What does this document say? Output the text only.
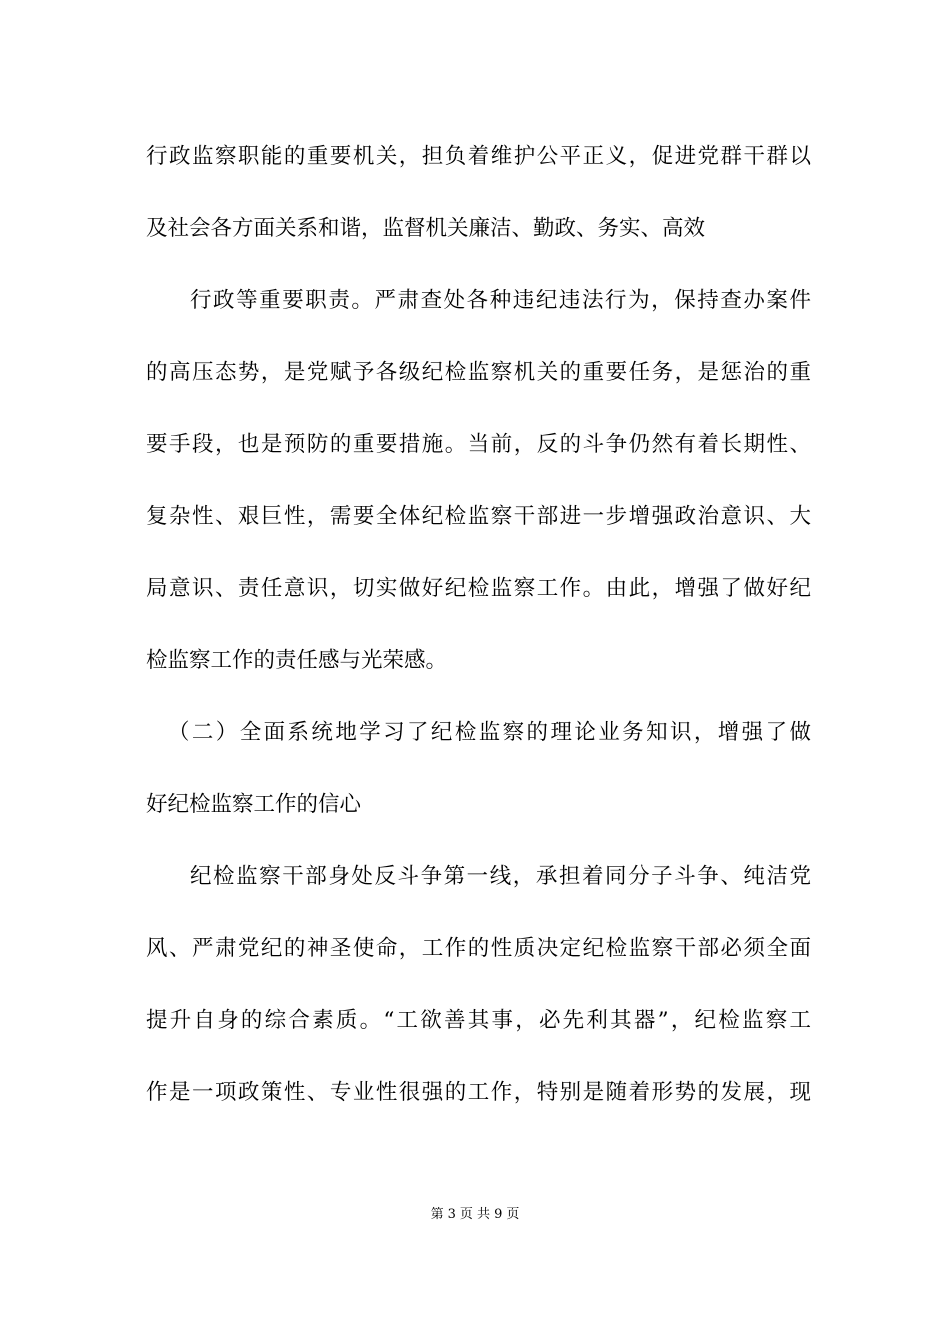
行政监察职能的重要机关，担负着维护公平正义，促进党群干群以
及社会各方面关系和谐，监督机关廉洁、勤政、务实、高效
行政等重要职责。严肃查处各种违纪违法行为，保持查办案件
的高压态势，是党赋予各级纪检监察机关的重要任务，是惩治的重
要手段，也是预防的重要措施。当前，反的斗争仍然有着长期性、
复杂性、艰巨性，需要全体纪检监察干部进一步增强政治意识、大
局意识、责任意识，切实做好纪检监察工作。由此，增强了做好纪
检监察工作的责任感与光荣感。
（二）全面系统地学习了纪检监察的理论业务知识，增强了做
好纪检监察工作的信心
纪检监察干部身处反斗争第一线，承担着同分子斗争、纯洁党
风、严肃党纪的神圣使命，工作的性质决定纪检监察干部必须全面
提升自身的综合素质。“工欲善其事，必先利其器”，纪检监察工
作是一项政策性、专业性很强的工作，特别是随着形势的发展，现
第 3 页 共 9 页
